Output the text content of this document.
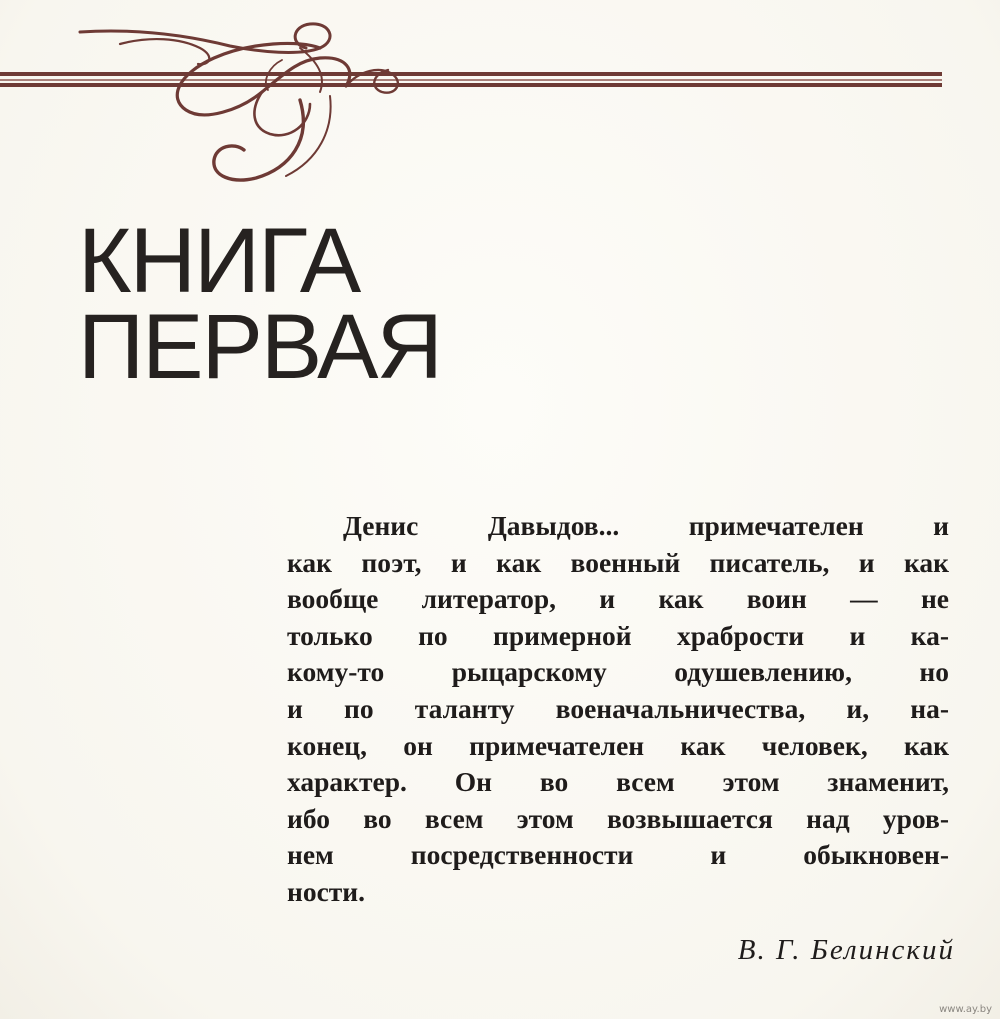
КНИГА
ПЕРВАЯ
Денис Давыдов... примечателен и
как поэт, и как военный писатель, и как
вообще литератор, и как воин — не
только по примерной храбрости и ка-
кому-то рыцарскому одушевлению, но
и по таланту военачальничества, и, на-
конец, он примечателен как человек, как
характер. Он во всем этом знаменит,
ибо во всем этом возвышается над уров-
нем посредственности и обыкновен-
ности.

В. Г. Белинский

www.ay.by
